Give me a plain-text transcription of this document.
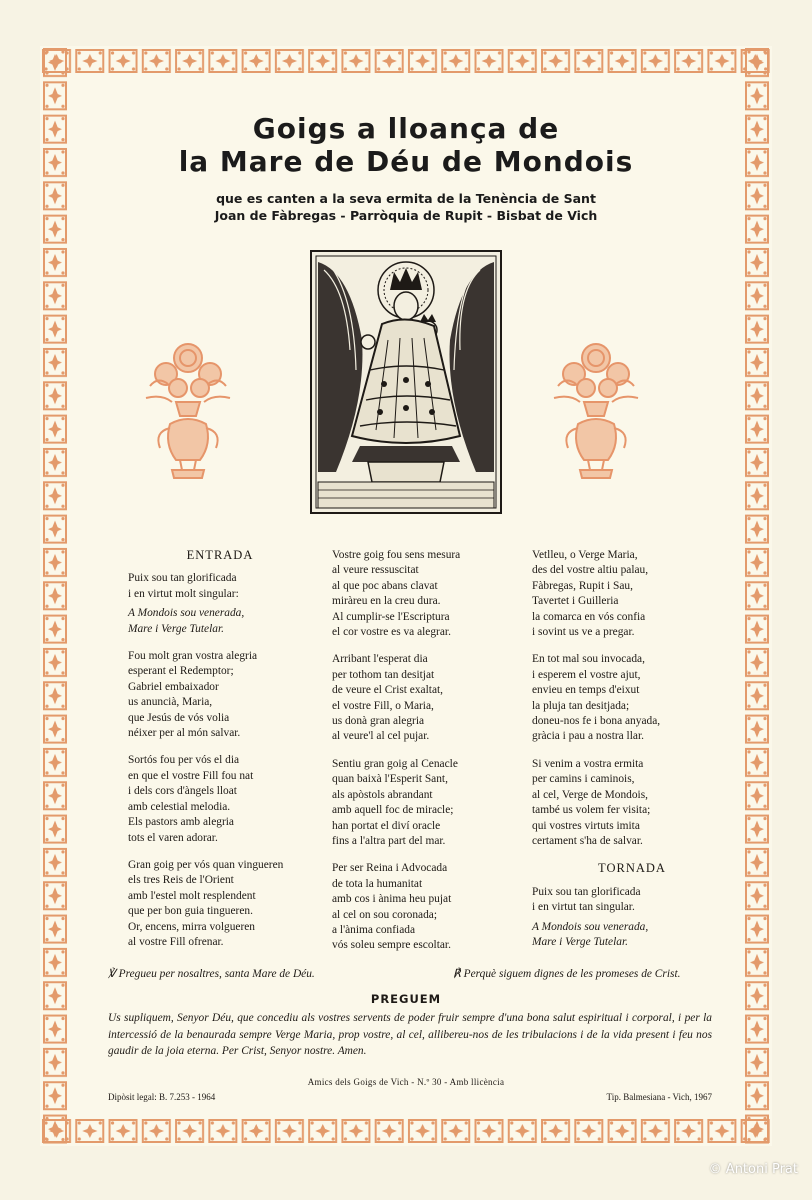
Goigs a lloança de
la Mare de Déu de Mondois
que es canten a la seva ermita de la Tenència de Sant
Joan de Fàbregas - Parròquia de Rupit - Bisbat de Vich
ENTRADA
Puix sou tan glorificada
i en virtut molt singular:
A Mondois sou venerada,
Mare i Verge Tutelar.
Fou molt gran vostra alegria
esperant el Redemptor;
Gabriel embaixador
us anuncià, Maria,
que Jesús de vós volia
néixer per al món salvar.
Sortós fou per vós el dia
en que el vostre Fill fou nat
i dels cors d'àngels lloat
amb celestial melodia.
Els pastors amb alegria
tots el varen adorar.
Gran goig per vós quan vingueren
els tres Reis de l'Orient
amb l'estel molt resplendent
que per bon guia tingueren.
Or, encens, mirra volgueren
al vostre Fill ofrenar.
Vostre goig fou sens mesura
al veure ressuscitat
al que poc abans clavat
miràreu en la creu dura.
Al cumplir-se l'Escriptura
el cor vostre es va alegrar.
Arribant l'esperat dia
per tothom tan desitjat
de veure el Crist exaltat,
el vostre Fill, o Maria,
us donà gran alegria
al veure'l al cel pujar.
Sentiu gran goig al Cenacle
quan baixà l'Esperit Sant,
als apòstols abrandant
amb aquell foc de miracle;
han portat el diví oracle
fins a l'altra part del mar.
Per ser Reina i Advocada
de tota la humanitat
amb cos i ànima heu pujat
al cel on sou coronada;
a l'ànima confiada
vós soleu sempre escoltar.
Vetlleu, o Verge Maria,
des del vostre altiu palau,
Fàbregas, Rupit i Sau,
Tavertet i Guilleria
la comarca en vós confia
i sovint us ve a pregar.
En tot mal sou invocada,
i esperem el vostre ajut,
envieu en temps d'eixut
la pluja tan desitjada;
doneu-nos fe i bona anyada,
gràcia i pau a nostra llar.
Si venim a vostra ermita
per camins i caminois,
al cel, Verge de Mondois,
també us volem fer visita;
qui vostres virtuts imita
certament s'ha de salvar.
TORNADA
Puix sou tan glorificada
i en virtut tan singular.
A Mondois sou venerada,
Mare i Verge Tutelar.
℣ Pregueu per nosaltres, santa Mare de Déu.	℟ Perquè siguem dignes de les promeses de Crist.
PREGUEM
Us supliquem, Senyor Déu, que concediu als vostres servents de poder fruir sempre d'una bona salut espiritual i corporal, i per la intercessió de la benaurada sempre Verge Maria, prop vostre, al cel, allibereu-nos de les tribulacions i de la vida present i feu nos gaudir de la joia eterna. Per Crist, Senyor nostre. Amen.
Amics dels Goigs de Vich - N.º 30 - Amb llicència
Dipòsit legal: B. 7.253 - 1964	Tip. Balmesiana - Vich, 1967
© Antoni Prat
